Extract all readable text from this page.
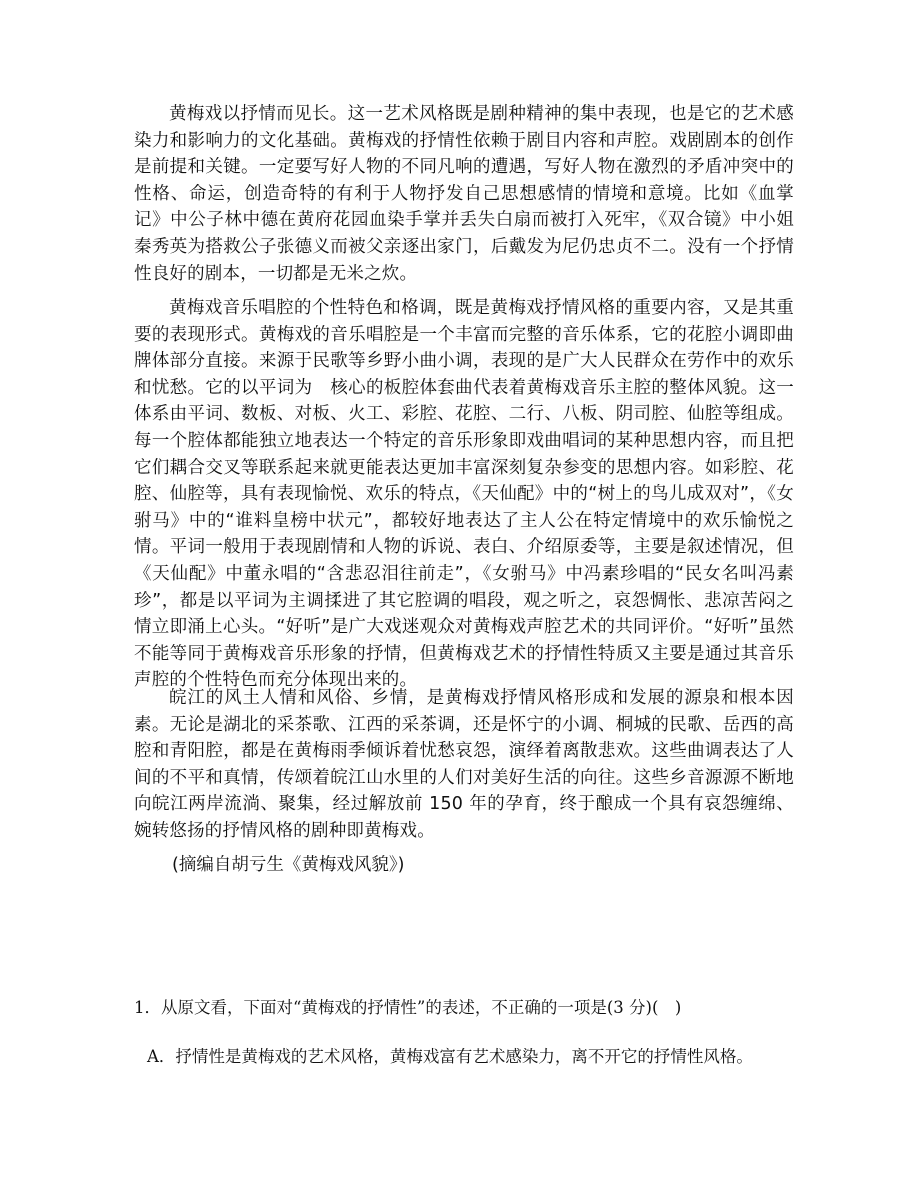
黄梅戏以抒情而见长。这一艺术风格既是剧种精神的集中表现，也是它的艺术感染力和影响力的文化基础。黄梅戏的抒情性依赖于剧目内容和声腔。戏剧剧本的创作是前提和关键。一定要写好人物的不同凡响的遭遇，写好人物在激烈的矛盾冲突中的性格、命运，创造奇特的有利于人物抒发自己思想感情的情境和意境。比如《血掌记》中公子林中德在黄府花园血染手掌并丢失白扇而被打入死牢，《双合镜》中小姐秦秀英为搭救公子张德义而被父亲逐出家门，后戴发为尼仍忠贞不二。没有一个抒情性良好的剧本，一切都是无米之炊。

黄梅戏音乐唱腔的个性特色和格调，既是黄梅戏抒情风格的重要内容，又是其重要的表现形式。黄梅戏的音乐唱腔是一个丰富而完整的音乐体系，它的花腔小调即曲牌体部分直接。来源于民歌等乡野小曲小调，表现的是广大人民群众在劳作中的欢乐和忧愁。它的以平词为　核心的板腔体套曲代表着黄梅戏音乐主腔的整体风貌。这一体系由平词、数板、对板、火工、彩腔、花腔、二行、八板、阴司腔、仙腔等组成。每一个腔体都能独立地表达一个特定的音乐形象即戏曲唱词的某种思想内容，而且把它们耦合交叉等联系起来就更能表达更加丰富深刻复杂参变的思想内容。如彩腔、花腔、仙腔等，具有表现愉悦、欢乐的特点，《天仙配》中的“树上的鸟儿成双对”，《女驸马》中的“谁料皇榜中状元”，都较好地表达了主人公在特定情境中的欢乐愉悦之情。平词一般用于表现剧情和人物的诉说、表白、介绍原委等，主要是叙述情况，但《天仙配》中董永唱的“含悲忍泪往前走”，《女驸马》中冯素珍唱的“民女名叫冯素珍”，都是以平词为主调揉进了其它腔调的唱段，观之听之，哀怨惆怅、悲凉苦闷之情立即涌上心头。“好听”是广大戏迷观众对黄梅戏声腔艺术的共同评价。“好听”虽然不能等同于黄梅戏音乐形象的抒情，但黄梅戏艺术的抒情性特质又主要是通过其音乐声腔的个性特色而充分体现出来的。

皖江的风土人情和风俗、乡情，是黄梅戏抒情风格形成和发展的源泉和根本因素。无论是湖北的采茶歌、江西的采茶调，还是怀宁的小调、桐城的民歌、岳西的高腔和青阳腔，都是在黄梅雨季倾诉着忧愁哀怨，演绎着离散悲欢。这些曲调表达了人间的不平和真情，传颂着皖江山水里的人们对美好生活的向往。这些乡音源源不断地向皖江两岸流淌、聚集，经过解放前 150 年的孕育，终于酿成一个具有哀怨缠绵、婉转悠扬的抒情风格的剧种即黄梅戏。

(摘编自胡亏生《黄梅戏风貌》)

1．从原文看，下面对“黄梅戏的抒情性”的表述，不正确的一项是(3 分)(　)

A．抒情性是黄梅戏的艺术风格，黄梅戏富有艺术感染力，离不开它的抒情性风格。
